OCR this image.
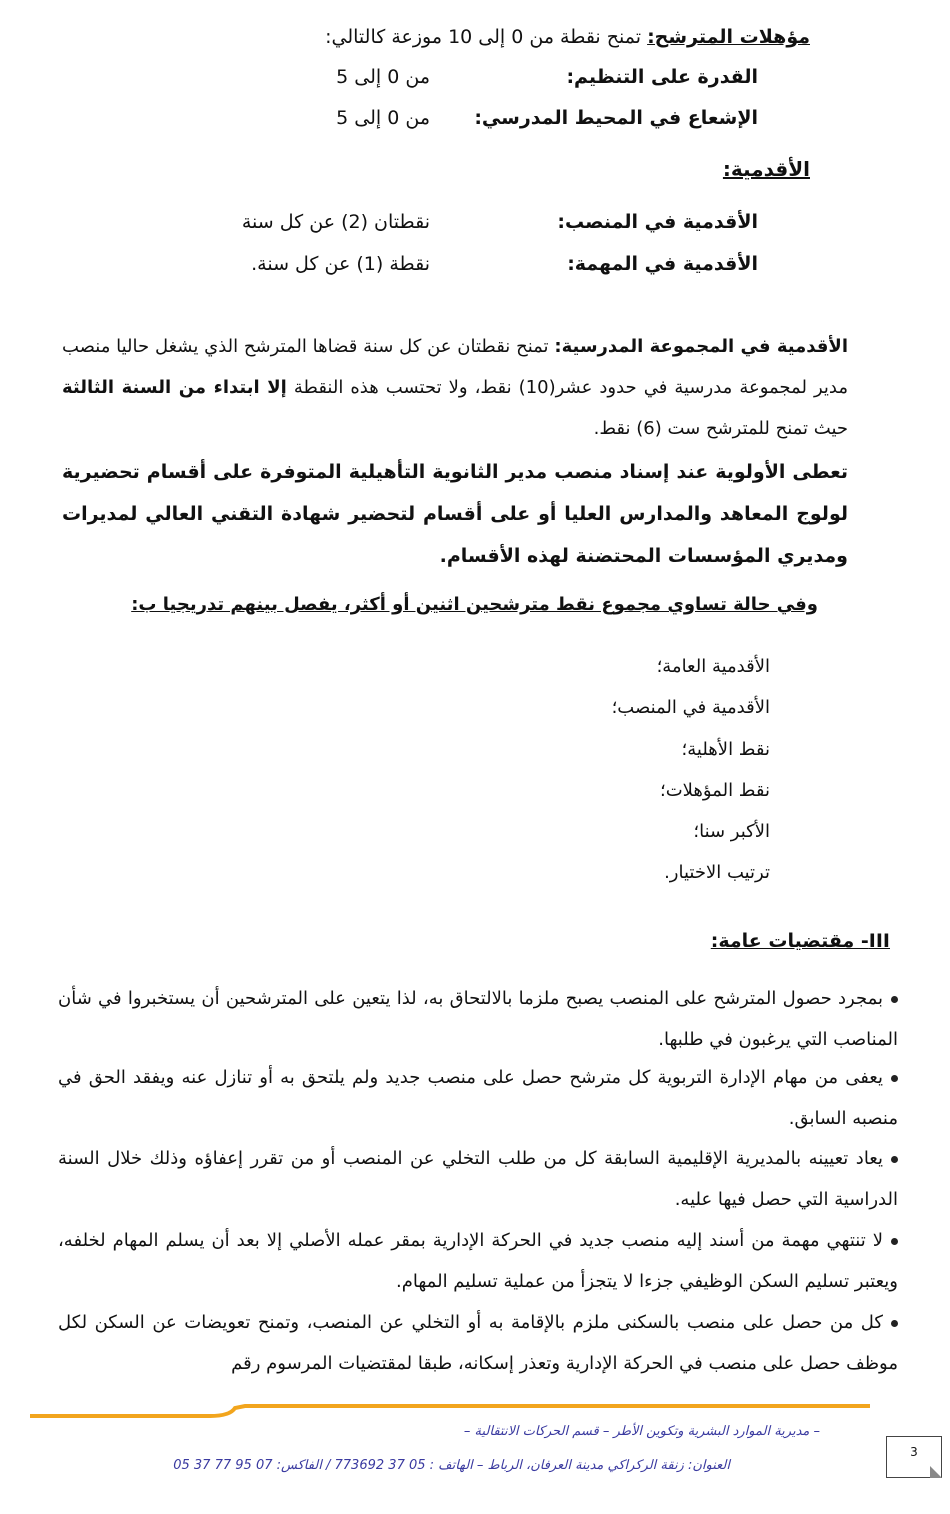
مؤهلات المترشح: تمنح نقطة من 0 إلى 10 موزعة كالتالي:
القدرة على التنظيم:
من 0 إلى 5
الإشعاع في المحيط المدرسي:
من 0 إلى 5
الأقدمية:
الأقدمية في المنصب:
نقطتان (2) عن كل سنة
الأقدمية في المهمة:
نقطة (1) عن كل سنة.
الأقدمية في المجموعة المدرسية: تمنح نقطتان عن كل سنة قضاها المترشح الذي يشغل حاليا منصب مدير لمجموعة مدرسية في حدود عشر(10) نقط، ولا تحتسب هذه النقطة إلا ابتداء من السنة الثالثة حيث تمنح للمترشح ست (6) نقط.
تعطى الأولوية عند إسناد منصب مدير الثانوية التأهيلية المتوفرة على أقسام تحضيرية لولوج المعاهد والمدارس العليا أو على أقسام لتحضير شهادة التقني العالي لمديرات ومديري المؤسسات المحتضنة لهذه الأقسام.
وفي حالة تساوي مجموع نقط مترشحين اثنين أو أكثر، يفصل بينهم تدريجيا ب:
الأقدمية العامة؛
الأقدمية في المنصب؛
نقط الأهلية؛
نقط المؤهلات؛
الأكبر سنا؛
ترتيب الاختيار.
III- مقتضيات عامة:
بمجرد حصول المترشح على المنصب يصبح ملزما بالالتحاق به، لذا يتعين على المترشحين أن يستخبروا في شأن المناصب التي يرغبون في طلبها.
يعفى من مهام الإدارة التربوية كل مترشح حصل على منصب جديد ولم يلتحق به أو تنازل عنه ويفقد الحق في منصبه السابق.
يعاد تعيينه بالمديرية الإقليمية السابقة كل من طلب التخلي عن المنصب أو من تقرر إعفاؤه وذلك خلال السنة الدراسية التي حصل فيها عليه.
لا تنتهي مهمة من أسند إليه منصب جديد في الحركة الإدارية بمقر عمله الأصلي إلا بعد أن يسلم المهام لخلفه، ويعتبر تسليم السكن الوظيفي جزءا لا يتجزأ من عملية تسليم المهام.
كل من حصل على منصب بالسكنى ملزم بالإقامة به أو التخلي عن المنصب، وتمنح تعويضات عن السكن لكل موظف حصل على منصب في الحركة الإدارية وتعذر إسكانه، طبقا لمقتضيات المرسوم رقم
– مديرية الموارد البشرية وتكوين الأطر – قسم الحركات الانتقالية –
العنوان: زنقة الركراكي مدينة العرفان، الرباط – الهاتف : 05 37 773692 / الفاكس: 07 95 77 37 05
3
